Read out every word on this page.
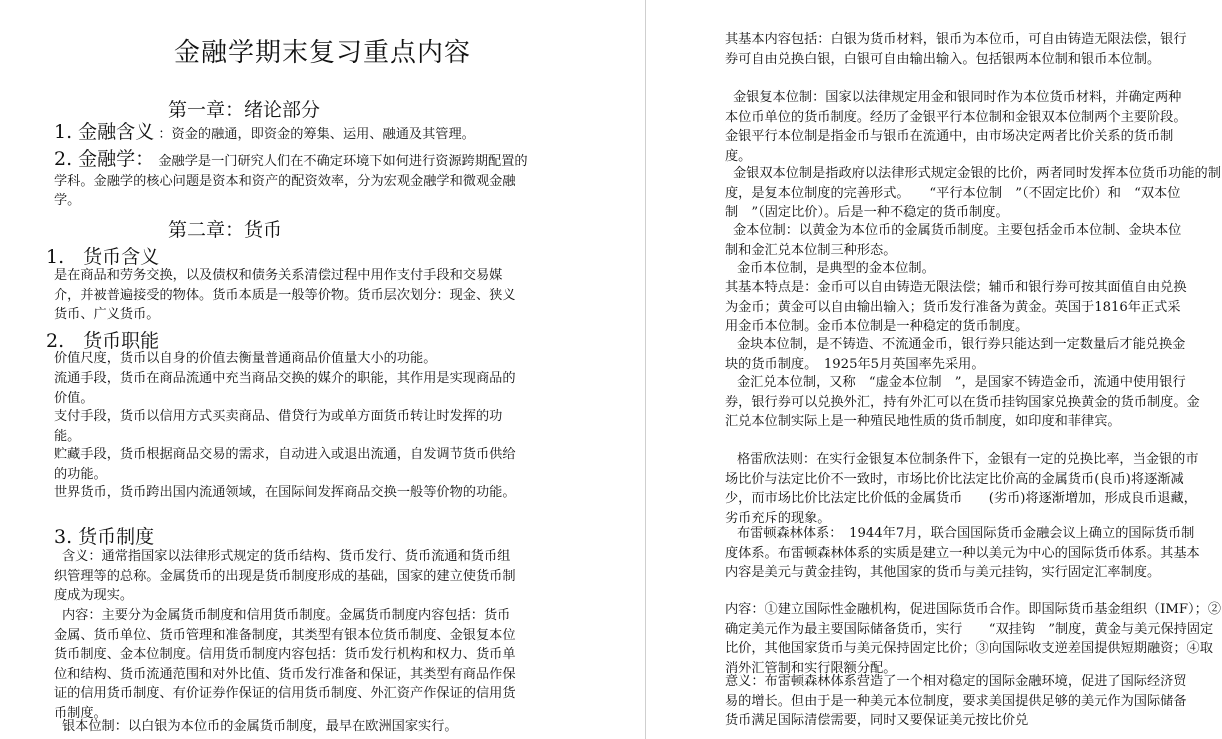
金融学期末复习重点内容
第一章：绪论部分
1. 金融含义 ：资金的融通，即资金的筹集、运用、融通及其管理。
2. 金融学： 金融学是一门研究人们在不确定环境下如何进行资源跨期配置的学科。金融学的核心问题是资本和资产的配资效率，分为宏观金融学和微观金融学。
第二章：货币
1.　货币含义

是在商品和劳务交换，以及债权和债务关系清偿过程中用作支付手段和交易媒介，并被普遍接受的物体。货币本质是一般等价物。货币层次划分：现金、狭义货币、广义货币。

2.　货币职能

价值尺度，货币以自身的价值去衡量普通商品价值量大小的功能。

流通手段，货币在商品流通中充当商品交换的媒介的职能，其作用是实现商品的价值。

支付手段，货币以信用方式买卖商品、借贷行为或单方面货币转让时发挥的功能。

贮藏手段，货币根据商品交易的需求，自动进入或退出流通，自发调节货币供给的功能。

世界货币，货币跨出国内流通领域，在国际间发挥商品交换一般等价物的功能。

3. 货币制度

含义：通常指国家以法律形式规定的货币结构、货币发行、货币流通和货币组织管理等的总称。金属货币的出现是货币制度形成的基础，国家的建立使货币制度成为现实。

内容：主要分为金属货币制度和信用货币制度。金属货币制度内容包括：货币金属、货币单位、货币管理和准备制度，其类型有银本位货币制度、金银复本位货币制度、金本位制度。信用货币制度内容包括：货币发行机构和权力、货币单位和结构、货币流通范围和对外比值、货币发行准备和保证，其类型有商品作保证的信用货币制度、有价证券作保证的信用货币制度、外汇资产作保证的信用货币制度。

银本位制：以白银为本位币的金属货币制度，最早在欧洲国家实行。

其基本内容包括：白银为货币材料，银币为本位币，可自由铸造无限法偿，银行券可自由兑换白银，白银可自由输出输入。包括银两本位制和银币本位制。

金银复本位制：国家以法律规定用金和银同时作为本位货币材料，并确定两种本位币单位的货币制度。经历了金银平行本位制和金银双本位制两个主要阶段。金银平行本位制是指金币与银币在流通中，由市场决定两者比价关系的货币制度。

金银双本位制是指政府以法律形式规定金银的比价，两者同时发挥本位货币功能的制度，是复本位制度的完善形式。　　“平行本位制　”（不固定比价）和　“双本位制　”（固定比价）。后是一种不稳定的货币制度。

金本位制：以黄金为本位币的金属货币制度。主要包括金币本位制、金块本位制和金汇兑本位制三种形态。

金币本位制，是典型的金本位制。

其基本特点是：金币可以自由铸造无限法偿；辅币和银行券可按其面值自由兑换为金币；黄金可以自由输出输入；货币发行准备为黄金。英国于1816年正式采用金币本位制。金币本位制是一种稳定的货币制度。

金块本位制，是不铸造、不流通金币，银行券只能达到一定数量后才能兑换金块的货币制度。　1925年5月英国率先采用。

金汇兑本位制，又称　“虚金本位制　”，是国家不铸造金币，流通中使用银行券，银行券可以兑换外汇，持有外汇可以在货币挂钩国家兑换黄金的货币制度。金汇兑本位制实际上是一种殖民地性质的货币制度，如印度和菲律宾。

格雷欣法则：在实行金银复本位制条件下，金银有一定的兑换比率，当金银的市场比价与法定比价不一致时，市场比价比法定比价高的金属货币(良币)将逐渐减少，而市场比价比法定比价低的金属货币　　(劣币)将逐渐增加，形成良币退藏，劣币充斥的现象。

布雷顿森林体系：　1944年7月，联合国国际货币金融会议上确立的国际货币制度体系。布雷顿森林体系的实质是建立一种以美元为中心的国际货币体系。其基本内容是美元与黄金挂钩，其他国家的货币与美元挂钩，实行固定汇率制度。

内容：①建立国际性金融机构，促进国际货币合作。即国际货币基金组织（IMF）；②确定美元作为最主要国际储备货币，实行　　“双挂钩　”制度，黄金与美元保持固定比价，其他国家货币与美元保持固定比价；③向国际收支逆差国提供短期融资；④取消外汇管制和实行限额分配。

意义：布雷顿森林体系营造了一个相对稳定的国际金融环境，促进了国际经济贸易的增长。但由于是一种美元本位制度，要求美国提供足够的美元作为国际储备货币满足国际清偿需要，同时又要保证美元按比价兑
